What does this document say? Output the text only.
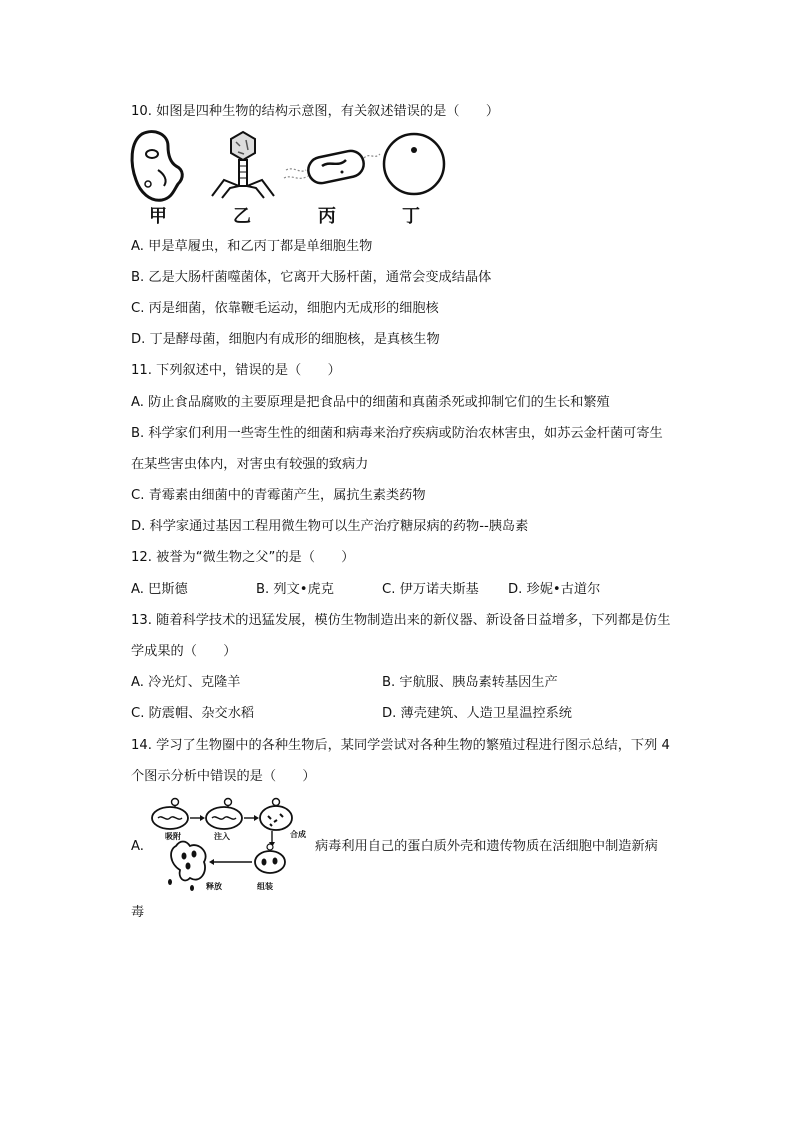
10. 如图是四种生物的结构示意图，有关叙述错误的是（　　）
甲	乙	丙	丁
A. 甲是草履虫，和乙丙丁都是单细胞生物
B. 乙是大肠杆菌噬菌体，它离开大肠杆菌，通常会变成结晶体
C. 丙是细菌，依靠鞭毛运动，细胞内无成形的细胞核
D. 丁是酵母菌，细胞内有成形的细胞核，是真核生物
11. 下列叙述中，错误的是（　　）
A. 防止食品腐败的主要原理是把食品中的细菌和真菌杀死或抑制它们的生长和繁殖
B. 科学家们利用一些寄生性的细菌和病毒来治疗疾病或防治农林害虫，如苏云金杆菌可寄生
在某些害虫体内，对害虫有较强的致病力
C. 青霉素由细菌中的青霉菌产生，属抗生素类药物
D. 科学家通过基因工程用微生物可以生产治疗糖尿病的药物--胰岛素
12. 被誉为“微生物之父”的是（　　）
A. 巴斯德	B. 列文•虎克	C. 伊万诺夫斯基 D. 珍妮•古道尔
13. 随着科学技术的迅猛发展，模仿生物制造出来的新仪器、新设备日益增多，下列都是仿生
学成果的（　　）
A. 冷光灯、克隆羊	B. 宇航服、胰岛素转基因生产
C. 防震帽、杂交水稻	D. 薄壳建筑、人造卫星温控系统
14. 学习了生物圈中的各种生物后，某同学尝试对各种生物的繁殖过程进行图示总结，下列 4
个图示分析中错误的是（　　）
A.
吸附	注入	合成
释放	组装
病毒利用自己的蛋白质外壳和遗传物质在活细胞中制造新病
毒
